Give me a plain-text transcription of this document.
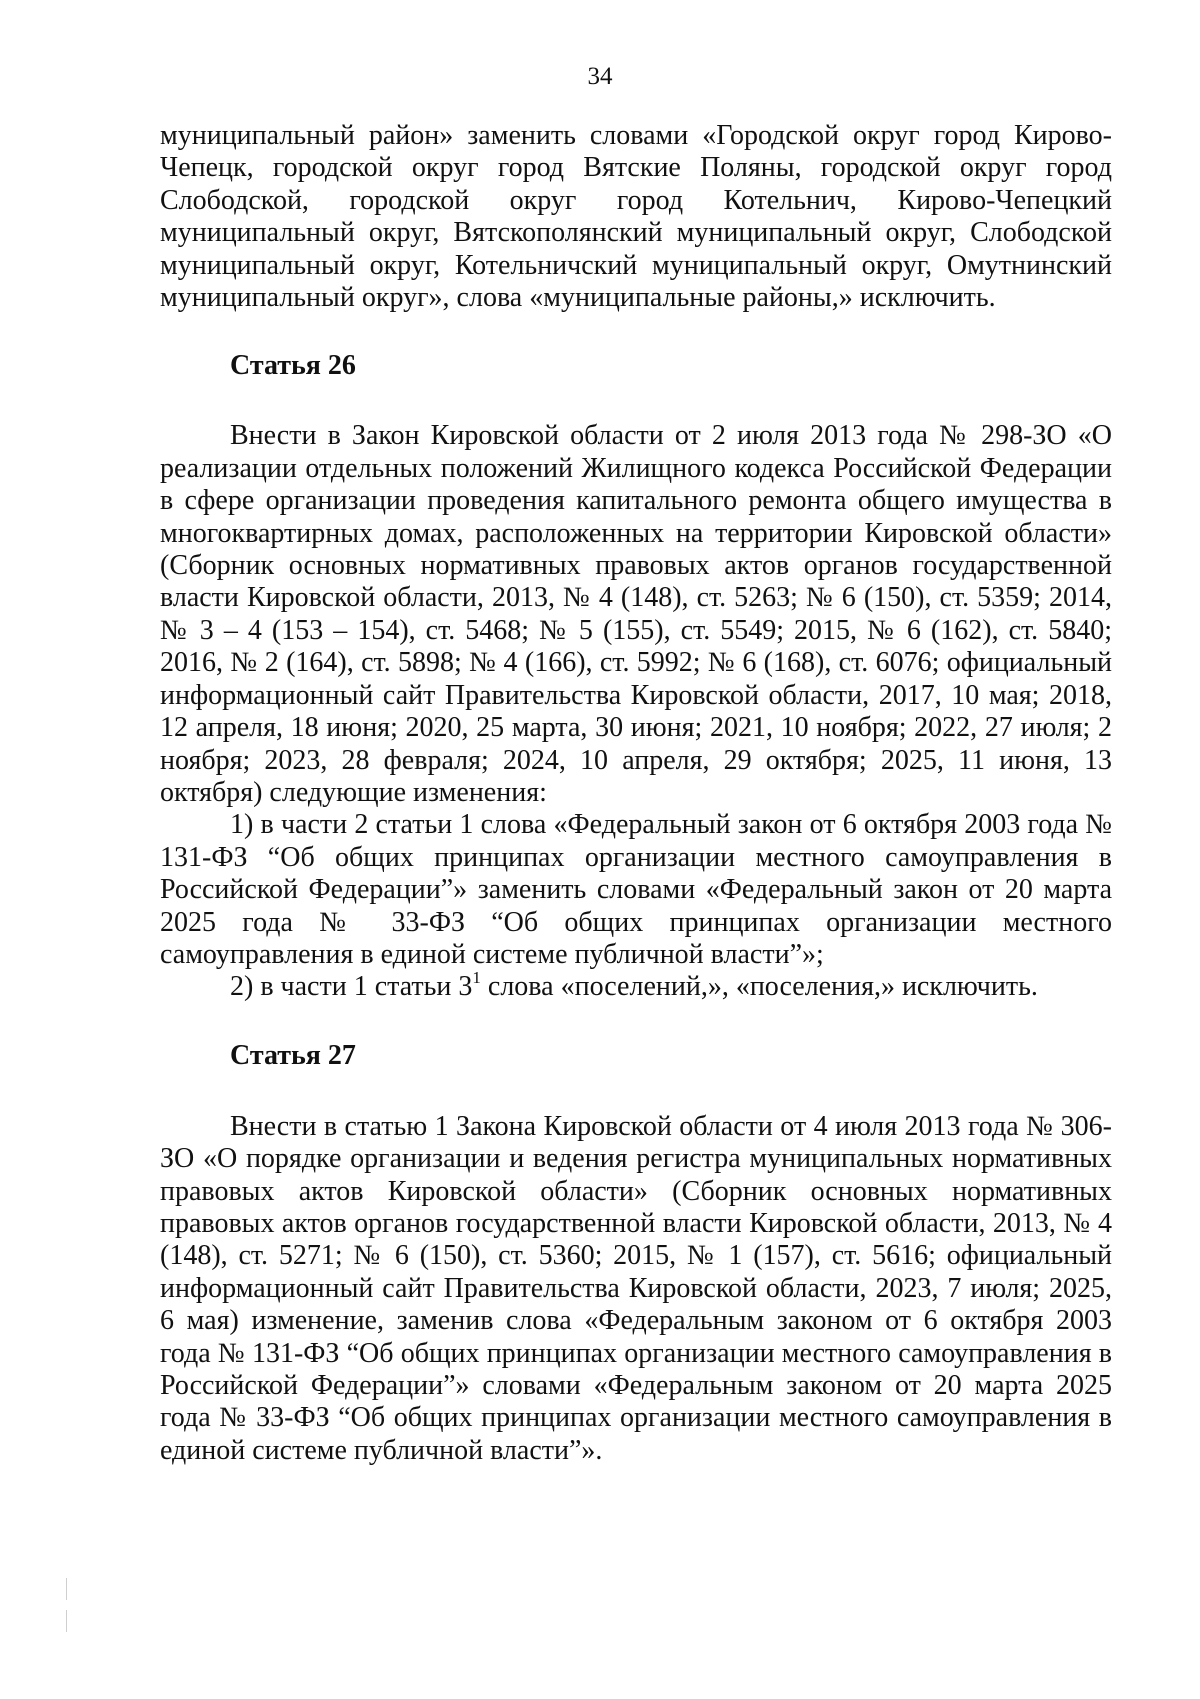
34

муниципальный район» заменить словами «Городской округ город Кирово-Чепецк, городской округ город Вятские Поляны, городской округ город Слободской, городской округ город Котельнич, Кирово-Чепецкий муниципальный округ, Вятскополянский муниципальный округ, Слободской муниципальный округ, Котельничский муниципальный округ, Омутнинский муниципальный округ», слова «муниципальные районы,» исключить.

Статья 26

Внести в Закон Кировской области от 2 июля 2013 года № 298-ЗО «О реализации отдельных положений Жилищного кодекса Российской Федерации в сфере организации проведения капитального ремонта общего имущества в многоквартирных домах, расположенных на территории Кировской области» (Сборник основных нормативных правовых актов органов государственной власти Кировской области, 2013, № 4 (148), ст. 5263; № 6 (150), ст. 5359; 2014, № 3 – 4 (153 – 154), ст. 5468; № 5 (155), ст. 5549; 2015, № 6 (162), ст. 5840; 2016, № 2 (164), ст. 5898; № 4 (166), ст. 5992; № 6 (168), ст. 6076; официальный информационный сайт Правительства Кировской области, 2017, 10 мая; 2018, 12 апреля, 18 июня; 2020, 25 марта, 30 июня; 2021, 10 ноября; 2022, 27 июля; 2 ноября; 2023, 28 февраля; 2024, 10 апреля, 29 октября; 2025, 11 июня, 13 октября) следующие изменения:

1) в части 2 статьи 1 слова «Федеральный закон от 6 октября 2003 года № 131-ФЗ “Об общих принципах организации местного самоуправления в Российской Федерации”» заменить словами «Федеральный закон от 20 марта 2025 года № 33-ФЗ “Об общих принципах организации местного самоуправления в единой системе публичной власти”»;

2) в части 1 статьи $3^1$ слова «поселений,», «поселения,» исключить.

Статья 27

Внести в статью 1 Закона Кировской области от 4 июля 2013 года № 306-ЗО «О порядке организации и ведения регистра муниципальных нормативных правовых актов Кировской области» (Сборник основных нормативных правовых актов органов государственной власти Кировской области, 2013, № 4 (148), ст. 5271; № 6 (150), ст. 5360; 2015, № 1 (157), ст. 5616; официальный информационный сайт Правительства Кировской области, 2023, 7 июля; 2025, 6 мая) изменение, заменив слова «Федеральным законом от 6 октября 2003 года № 131-ФЗ “Об общих принципах организации местного самоуправления в Российской Федерации”» словами «Федеральным законом от 20 марта 2025 года № 33-ФЗ “Об общих принципах организации местного самоуправления в единой системе публичной власти”».
